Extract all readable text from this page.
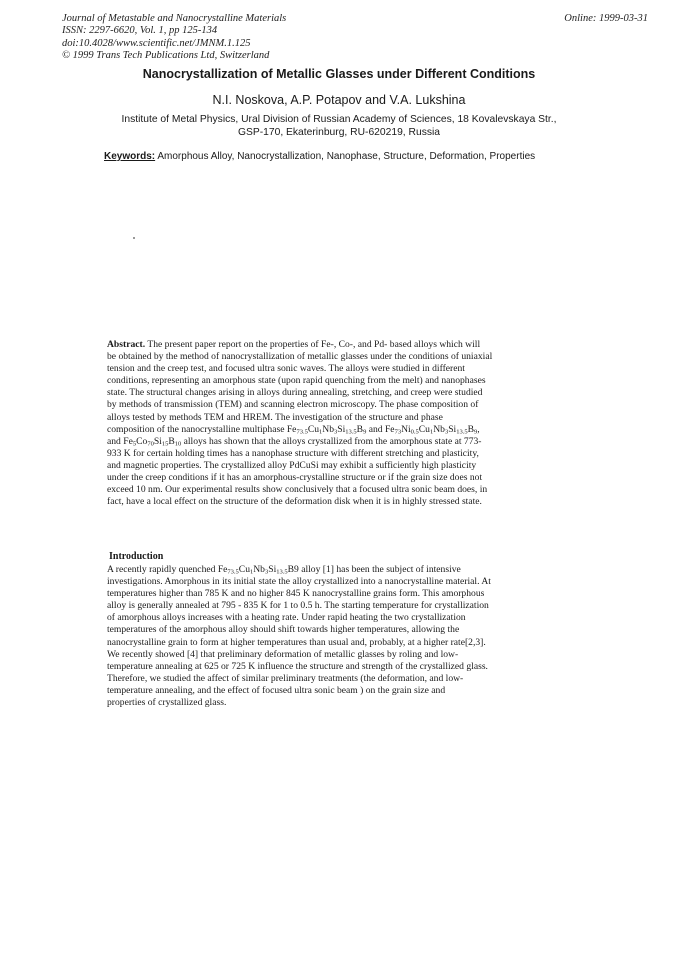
Journal of Metastable and Nanocrystalline Materials
ISSN: 2297-6620, Vol. 1, pp 125-134
doi:10.4028/www.scientific.net/JMNM.1.125
© 1999 Trans Tech Publications Ltd, Switzerland
Online: 1999-03-31
Nanocrystallization of Metallic Glasses under Different Conditions
N.I. Noskova, A.P. Potapov and V.A. Lukshina
Institute of Metal Physics, Ural Division of Russian Academy of Sciences, 18 Kovalevskaya Str.,
GSP-170, Ekaterinburg, RU-620219, Russia
Keywords: Amorphous Alloy, Nanocrystallization, Nanophase, Structure, Deformation, Properties
Abstract. The present paper report on the properties of Fe-, Co-, and Pd- based alloys which will
be obtained by the method of nanocrystallization of metallic glasses under the conditions of uniaxial
tension and the creep test, and focused ultra sonic waves. The alloys were studied in different
conditions, representing an amorphous state (upon rapid quenching from the melt) and nanophases
state. The structural changes arising in alloys during annealing, stretching, and creep were studied
by methods of transmission (TEM) and scanning electron microscopy. The phase composition of
alloys tested by methods TEM and HREM. The investigation of the structure and phase
composition of the nanocrystalline multiphase $Fe_{73.5}Cu_1Nb_3Si_{13.5}B_9$ and $Fe_{73}Ni_{0.5}Cu_1Nb_3Si_{13.5}B_9$,
and $Fe_5Co_{70}Si_{15}B_{10}$ alloys has shown that the alloys crystallized from the amorphous state at 773-
933 K for certain holding times has a nanophase structure with different stretching and plasticity,
and magnetic properties. The crystallized alloy PdCuSi may exhibit a sufficiently high plasticity
under the creep conditions if it has an amorphous-crystalline structure or if the grain size does not
exceed 10 nm. Our experimental results show conclusively that a focused ultra sonic beam does, in
fact, have a local effect on the structure of the deformation disk when it is in highly stressed state.
Introduction
A recently rapidly quenched $Fe_{73.5}Cu_1Nb_3Si_{13.5}B9$ alloy [1] has been the subject of intensive
investigations. Amorphous in its initial state the alloy crystallized into a nanocrystalline material. At
temperatures higher than 785 K and no higher 845 K nanocrystalline grains form. This amorphous
alloy is generally annealed at 795 - 835 K for 1 to 0.5 h. The starting temperature for crystallization
of amorphous alloys increases with a heating rate. Under rapid heating the two crystallization
temperatures of the amorphous alloy should shift towards higher temperatures, allowing the
nanocrystalline grain to form at higher temperatures than usual and, probably, at a higher rate[2,3].
We recently showed [4] that preliminary deformation of metallic glasses by roling and low-
temperature annealing at 625 or 725 K influence the structure and strength of the crystallized glass.
Therefore, we studied the affect of similar preliminary treatments (the deformation, and low-
temperature annealing, and the effect of focused ultra sonic beam ) on the grain size and
properties of crystallized glass.
